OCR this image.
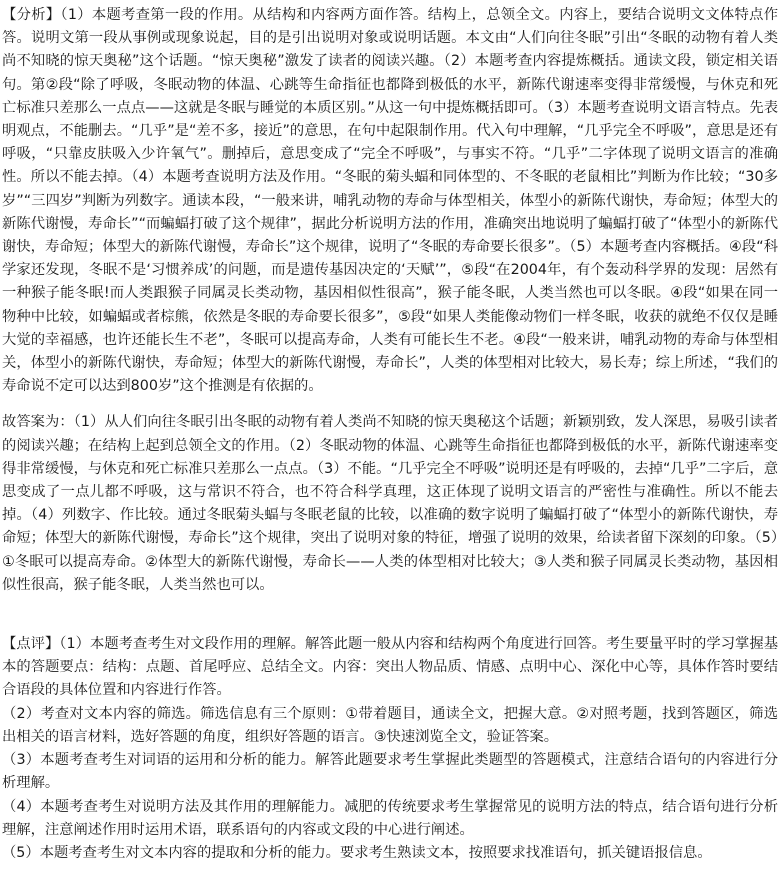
【分析】（1）本题考查第一段的作用。从结构和内容两方面作答。结构上，总领全文。内容上，要结合说明文文体特点作答。说明文第一段从事例或现象说起，目的是引出说明对象或说明话题。本文由“人们向往冬眠”引出“冬眠的动物有着人类尚不知晓的惊天奥秘”这个话题。“惊天奥秘”激发了读者的阅读兴趣。（2）本题考查内容提炼概括。通读文段，锁定相关语句。第②段“除了呼吸，冬眠动物的体温、心跳等生命指征也都降到极低的水平，新陈代谢速率变得非常缓慢，与休克和死亡标准只差那么一点点——这就是冬眠与睡觉的本质区别。”从这一句中提炼概括即可。（3）本题考查说明文语言特点。先表明观点，不能删去。“几乎”是“差不多，接近”的意思，在句中起限制作用。代入句中理解，“几乎完全不呼吸”，意思是还有呼吸，“只靠皮肤吸入少许氧气”。删掉后，意思变成了“完全不呼吸”，与事实不符。“几乎”二字体现了说明文语言的准确性。所以不能去掉。（4）本题考查说明方法及作用。“冬眠的菊头蝠和同体型的、不冬眠的老鼠相比”判断为作比较；“30多岁”“三四岁”判断为列数字。通读本段，“一般来讲，哺乳动物的寿命与体型相关，体型小的新陈代谢快，寿命短；体型大的新陈代谢慢，寿命长”“而蝙蝠打破了这个规律”，据此分析说明方法的作用，准确突出地说明了蝙蝠打破了“体型小的新陈代谢快，寿命短；体型大的新陈代谢慢，寿命长”这个规律，说明了“冬眠的寿命要长很多”。（5）本题考查内容概括。④段“科学家还发现，冬眠不是‘习惯养成’的问题，而是遗传基因决定的‘天赋’”，⑤段“在2004年，有个轰动科学界的发现：居然有一种猴子能冬眠!而人类跟猴子同属灵长类动物，基因相似性很高”，猴子能冬眠，人类当然也可以冬眠。④段“如果在同一物种中比较，如蝙蝠或者棕熊，依然是冬眠的寿命要长很多”，⑤段“如果人类能像动物们一样冬眠，收获的就绝不仅仅是睡大觉的幸福感，也许还能长生不老”，冬眠可以提高寿命，人类有可能长生不老。④段“一般来讲，哺乳动物的寿命与体型相关，体型小的新陈代谢快，寿命短；体型大的新陈代谢慢，寿命长”，人类的体型相对比较大，易长寿；综上所述，“我们的寿命说不定可以达到800岁”这个推测是有依据的。

故答案为：（1）从人们向往冬眠引出冬眠的动物有着人类尚不知晓的惊天奥秘这个话题；新颖别致，发人深思，易吸引读者的阅读兴趣；在结构上起到总领全文的作用。（2）冬眠动物的体温、心跳等生命指征也都降到极低的水平，新陈代谢速率变得非常缓慢，与休克和死亡标准只差那么一点点。（3）不能。“几乎完全不呼吸”说明还是有呼吸的，去掉“几乎”二字后，意思变成了一点儿都不呼吸，这与常识不符合，也不符合科学真理，这正体现了说明文语言的严密性与准确性。所以不能去掉。（4）列数字、作比较。通过冬眠菊头蝠与冬眠老鼠的比较，以准确的数字说明了蝙蝠打破了“体型小的新陈代谢快，寿命短；体型大的新陈代谢慢，寿命长”这个规律，突出了说明对象的特征，增强了说明的效果，给读者留下深刻的印象。（5）①冬眠可以提高寿命。②体型大的新陈代谢慢，寿命长——人类的体型相对比较大；③人类和猴子同属灵长类动物，基因相似性很高，猴子能冬眠，人类当然也可以。

【点评】（1）本题考查考生对文段作用的理解。解答此题一般从内容和结构两个角度进行回答。考生要量平时的学习掌握基本的答题要点：结构：点题、首尾呼应、总结全文。内容：突出人物品质、情感、点明中心、深化中心等，具体作答时要结合语段的具体位置和内容进行作答。

（2）考查对文本内容的筛选。筛选信息有三个原则：①带着题目，通读全文，把握大意。②对照考题，找到答题区，筛选出相关的语言材料，选好答题的角度，组织好答题的语言。③快速浏览全文，验证答案。

（3）本题考查考生对词语的运用和分析的能力。解答此题要求考生掌握此类题型的答题模式，注意结合语句的内容进行分析理解。

（4）本题考查考生对说明方法及其作用的理解能力。减肥的传统要求考生掌握常见的说明方法的特点，结合语句进行分析理解，注意阐述作用时运用术语，联系语句的内容或文段的中心进行阐述。

（5）本题考查考生对文本内容的提取和分析的能力。要求考生熟读文本，按照要求找准语句，抓关键语报信息。
